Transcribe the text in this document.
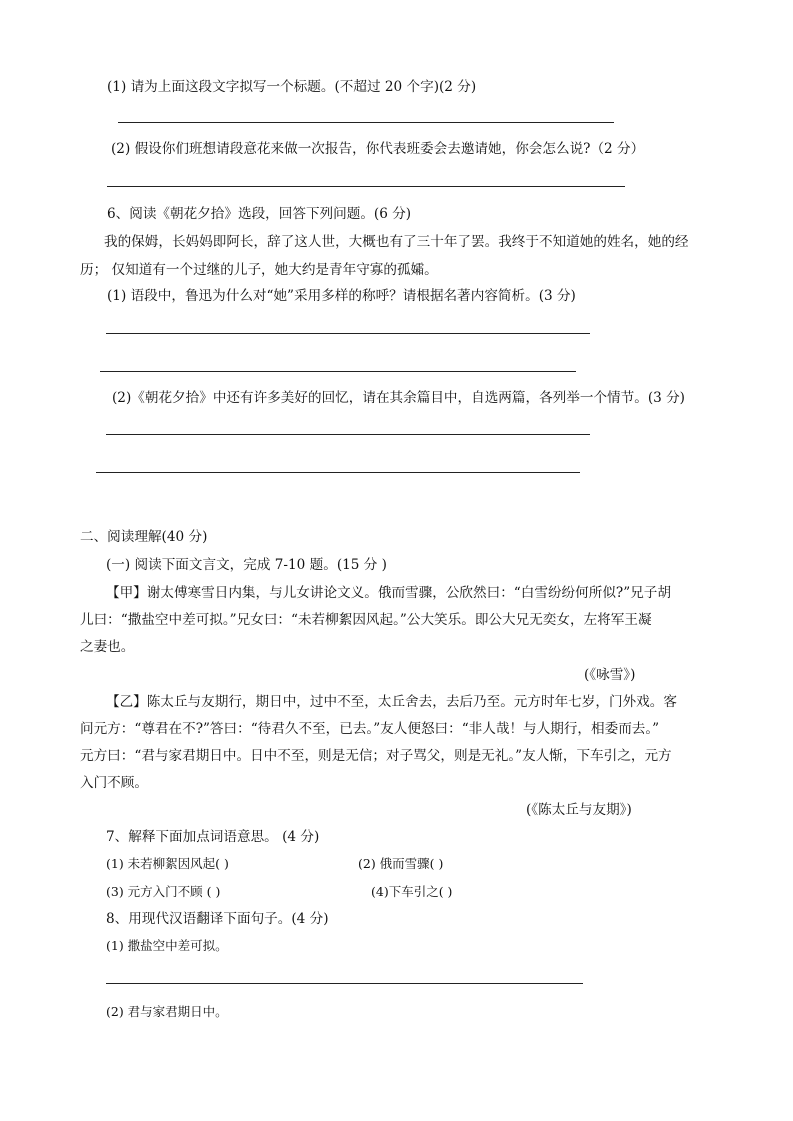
(1) 请为上面这段文字拟写一个标题。(不超过 20 个字)(2 分)
(2) 假设你们班想请段意花来做一次报告，你代表班委会去邀请她，你会怎么说?（2 分）
6、阅读《朝花夕拾》选段，回答下列问题。(6 分)
我的保姆，长妈妈即阿长，辞了这人世，大概也有了三十年了罢。我终于不知道她的姓名，她的经
历； 仅知道有一个过继的儿子，她大约是青年守寡的孤孀。
(1) 语段中，鲁迅为什么对“她”采用多样的称呼？请根据名著内容简析。(3 分)
(2)《朝花夕拾》中还有许多美好的回忆，请在其余篇目中，自选两篇，各列举一个情节。(3 分)
二、阅读理解(40 分)
(一) 阅读下面文言文，完成 7-10 题。(15 分 )
【甲】谢太傅寒雪日内集，与儿女讲论文义。俄而雪骤，公欣然曰：“白雪纷纷何所似?”兄子胡
儿曰：“撒盐空中差可拟。”兄女曰：“未若柳絮因风起。”公大笑乐。即公大兄无奕女，左将军王凝
之妻也。
(《咏雪》)
【乙】陈太丘与友期行，期日中，过中不至，太丘舍去，去后乃至。元方时年七岁，门外戏。客
问元方：“尊君在不?”答曰：“待君久不至，已去。”友人便怒曰：“非人哉！与人期行，相委而去。”
元方曰：“君与家君期日中。日中不至，则是无信；对子骂父，则是无礼。”友人惭，下车引之，元方
入门不顾。
(《陈太丘与友期》)
7、解释下面加点词语意思。 (4 分)
(1) 未若柳絮因风起( )	(2) 俄而雪骤( )
(3) 元方入门不顾 ( )	(4)下车引之( )
8、用现代汉语翻译下面句子。(4 分)
(1) 撒盐空中差可拟。
(2) 君与家君期日中。
